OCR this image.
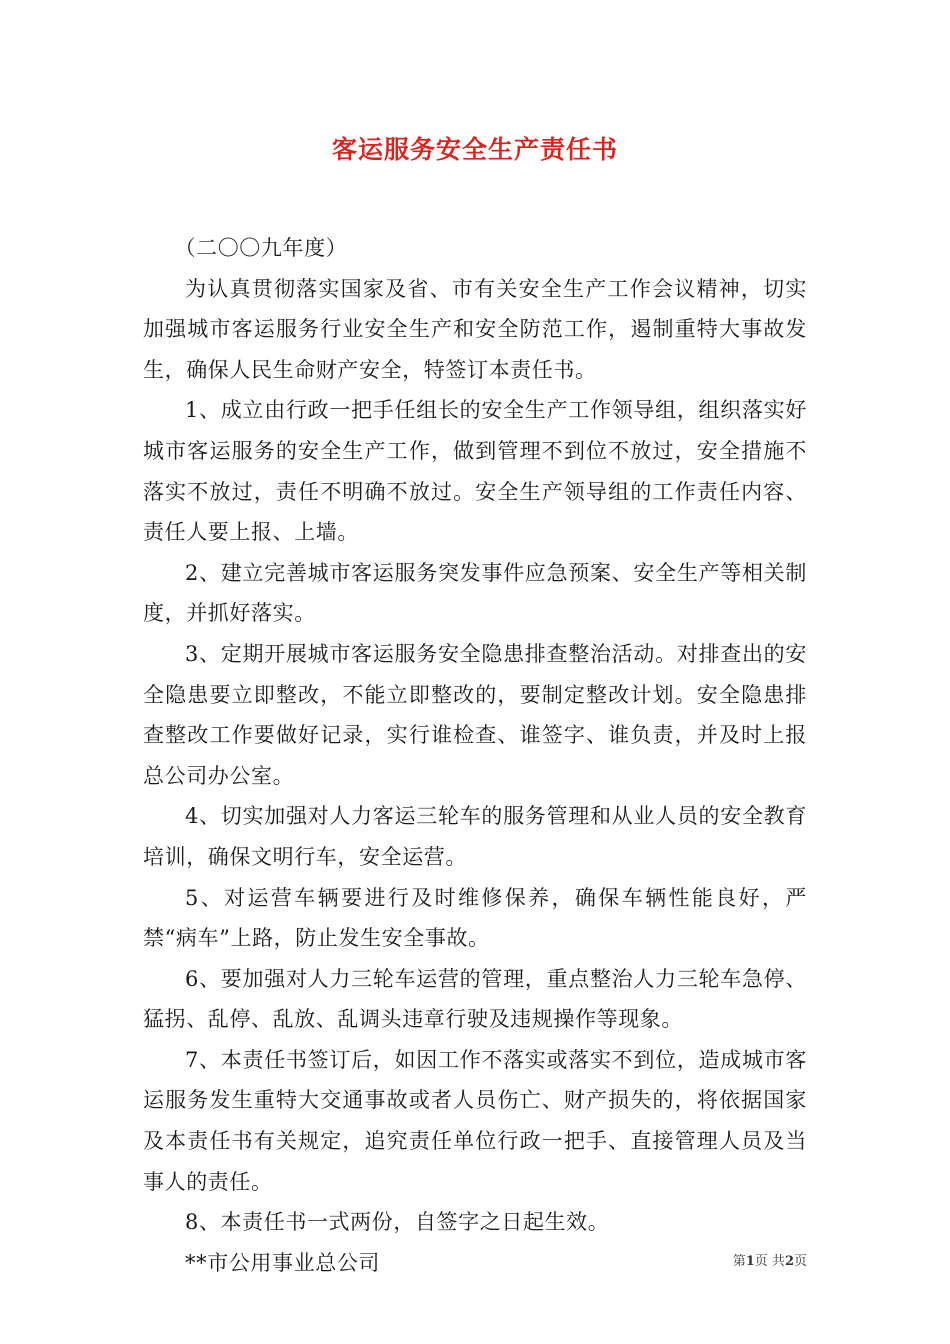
客运服务安全生产责任书

（二〇〇九年度）

为认真贯彻落实国家及省、市有关安全生产工作会议精神，切实加强城市客运服务行业安全生产和安全防范工作，遏制重特大事故发生，确保人民生命财产安全，特签订本责任书。

1、成立由行政一把手任组长的安全生产工作领导组，组织落实好城市客运服务的安全生产工作，做到管理不到位不放过，安全措施不落实不放过，责任不明确不放过。安全生产领导组的工作责任内容、责任人要上报、上墙。

2、建立完善城市客运服务突发事件应急预案、安全生产等相关制度，并抓好落实。

3、定期开展城市客运服务安全隐患排查整治活动。对排查出的安全隐患要立即整改，不能立即整改的，要制定整改计划。安全隐患排查整改工作要做好记录，实行谁检查、谁签字、谁负责，并及时上报总公司办公室。

4、切实加强对人力客运三轮车的服务管理和从业人员的安全教育培训，确保文明行车，安全运营。

5、对运营车辆要进行及时维修保养，确保车辆性能良好，严禁“病车”上路，防止发生安全事故。

6、要加强对人力三轮车运营的管理，重点整治人力三轮车急停、猛拐、乱停、乱放、乱调头违章行驶及违规操作等现象。

7、本责任书签订后，如因工作不落实或落实不到位，造成城市客运服务发生重特大交通事故或者人员伤亡、财产损失的，将依据国家及本责任书有关规定，追究责任单位行政一把手、直接管理人员及当事人的责任。

8、本责任书一式两份，自签字之日起生效。

**市公用事业总公司	第1页 共2页
